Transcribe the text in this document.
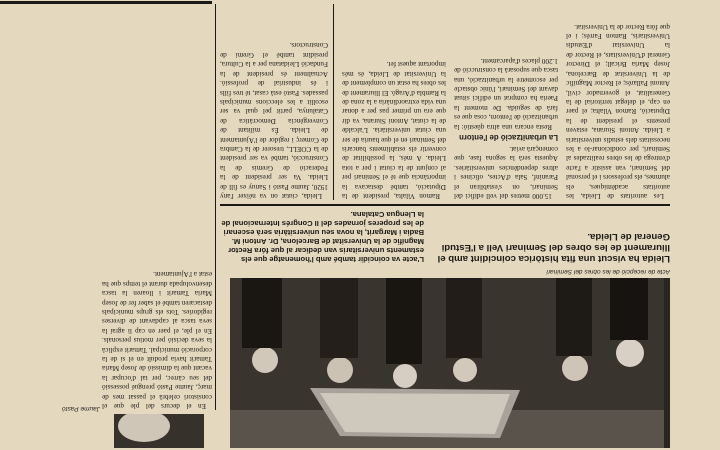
Acte de recepció de les obres del Seminari
Lleida ha viscut una fita històrica coincidint amb el lliurament de les obres del Seminari Vell a l'Estudi General de Lleida.
L'acte va coincidir també amb l'homenatge que els estaments universitaris van dedicar al que fóra Rector Magnífic de la Universitat de Barcelona, Dr. Antoni M. Badia i Margarit, la nova seu universitària serà escenari de les properes jornades del II Congrés Internacional de la Llengua Catalana.

Les autoritats de Lleida, les autoritats acadèmiques, els alumnes, els professors i el personal del Seminari, van assistir a l'acte d'entrega de les obres realitzades al Seminari, per condicionar-lo a les necessitats dels estudis universitaris a Lleida. Antoni Siurana, estaven presents el president de la Diputació, Ramon Vilalta; el paer en cap, el delegat territorial de la Generalitat, el governador civil, Antoni Pallarès; el Rector Magnífic de la Universitat de Barcelona, Josep Maria Bricall; el Director General d'Universitats, el Rector de la Universitat d'Estudis Universitaris, Ramon Farrés; i el que fóra Rector de la Universitat.

15.000 metres del vell edifici del Seminari, on s'establiran el Paraninf, Sala d'Actes, oficines i altres dependències universitàries. Aquesta serà la segona fase, que començarà aviat.

La urbanització de l'entorn

Resta encara una altra qüestió: la urbanització de l'entorn, cosa que es farà de seguida. De moment la Paeria ha comprat un edifici situat davant del Seminari, l'únic obstacle per escometre la urbanització, una tasca que suposarà la construcció de 1.200 places d'aparcament.

Ramon Vilalta, president de la Diputació, també destacava la importància que té el Seminari per al conjunt de la ciutat i per a tota Lleida. A més, la possibilitat de convertir els establiments bancaris del Seminari en el que hauria de ser una ciutat universitària. L'alcalde de la ciutat, Antoni Siurana, va dir que era un primer pas per a donar una vida extraordinària a la zona de la Rambla d'Aragó. El lliurament de les obres ha estat un complement de la Universitat de Lleida, és més important aquest fet.

Lleida, ciutat on va néixer l'any 1920, Jaume Pastó i Sanuy es fill de Lleida. Va ser president de la Federació de Gremis de la Construcció, també va ser president de la COELL, tresorer de la Cambra de Comerç i regidor de l'Ajuntament de Lleida. És militant de Convergència Democràtica de Catalunya, partit pel qual va ser escollit a les eleccions municipals passades. Pastó està casat, té tres fills i és industrial de professió. Actualment és president de la Fundació Lleidatana per a la Cultura, presidint també el Gremi de Constructors.

En el decurs del ple que el consistori celebrà el passat mes de març, Jaume Pastó prengué possessió del seu càrrec, per tal d'ocupar la vacant que la dimissió de Josep Maria Tamarit havia produït en el si de la corporació municipal. Tamarit explicà la seva decisió per motius personals. En el ple, el paer en cap li agraí la seva tasca al capdavant de diverses regidories. Tots els grups municipals destacaren també el saber fer de Josep Maria Tamarit i lloaren la tasca desenvolupada durant el temps que ha estat a l'Ajuntament.

Jaume Pastó
